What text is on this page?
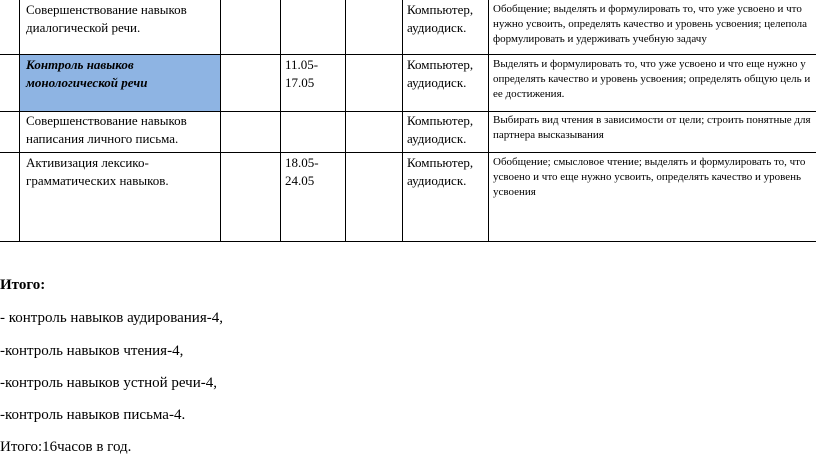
Совершенствование навыков диалогической речи.
Компьютер, аудиодиск.
Обобщение; выделять и формулировать то, что уже усвоено и что
нужно усвоить, определять качество и уровень усвоения; целепола
формулировать и удерживать учебную задачу
Контроль навыков монологической речи
11.05-17.05
Компьютер, аудиодиск.
Выделять и формулировать то, что уже усвоено и что еще нужно у
определять качество и уровень усвоения; определять общую цель и
ее достижения.
Совершенствование навыков написания личного письма.
Компьютер, аудиодиск.
Выбирать вид чтения в зависимости от цели; строить понятные для
партнера высказывания
Активизация лексико-грамматических навыков.
18.05-24.05
Компьютер, аудиодиск.
Обобщение; смысловое чтение; выделять и формулировать то, что
усвоено и что еще нужно усвоить, определять качество и уровень
усвоения
Итого:
- контроль навыков аудирования-4,
-контроль навыков чтения-4,
-контроль навыков устной речи-4,
-контроль навыков письма-4.
Итого:16часов в год.
